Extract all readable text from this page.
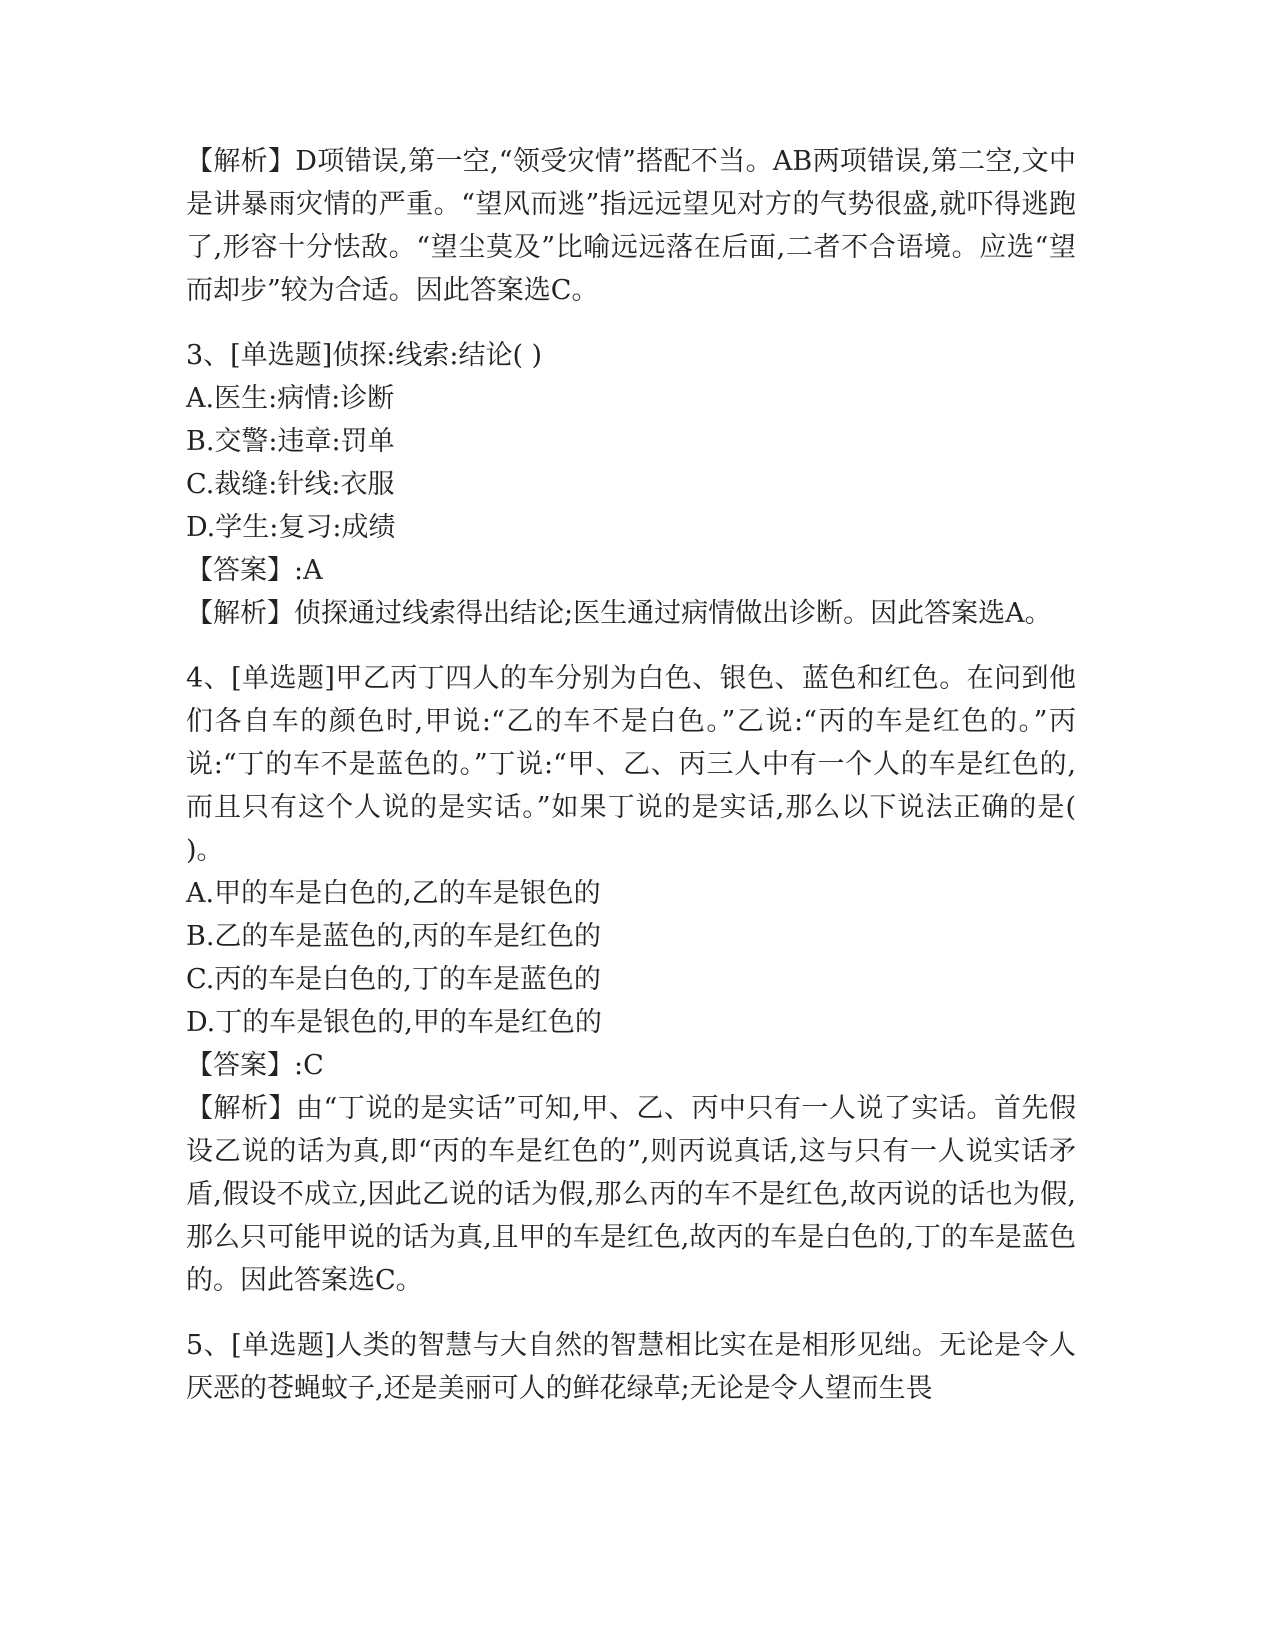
【解析】D项错误,第一空,“领受灾情”搭配不当。AB两项错误,第二空,文中是讲暴雨灾情的严重。“望风而逃”指远远望见对方的气势很盛,就吓得逃跑了,形容十分怯敌。“望尘莫及”比喻远远落在后面,二者不合语境。应选“望而却步”较为合适。因此答案选C。

3、[单选题]侦探:线索:结论( )

A.医生:病情:诊断

B.交警:违章:罚单

C.裁缝:针线:衣服

D.学生:复习:成绩

【答案】:A

【解析】侦探通过线索得出结论;医生通过病情做出诊断。因此答案选A。

4、[单选题]甲乙丙丁四人的车分别为白色、银色、蓝色和红色。在问到他们各自车的颜色时,甲说:“乙的车不是白色。”乙说:“丙的车是红色的。”丙说:“丁的车不是蓝色的。”丁说:“甲、乙、丙三人中有一个人的车是红色的,而且只有这个人说的是实话。”如果丁说的是实话,那么以下说法正确的是( )。

A.甲的车是白色的,乙的车是银色的

B.乙的车是蓝色的,丙的车是红色的

C.丙的车是白色的,丁的车是蓝色的

D.丁的车是银色的,甲的车是红色的

【答案】:C

【解析】由“丁说的是实话”可知,甲、乙、丙中只有一人说了实话。首先假设乙说的话为真,即“丙的车是红色的”,则丙说真话,这与只有一人说实话矛盾,假设不成立,因此乙说的话为假,那么丙的车不是红色,故丙说的话也为假,那么只可能甲说的话为真,且甲的车是红色,故丙的车是白色的,丁的车是蓝色的。因此答案选C。

5、[单选题]人类的智慧与大自然的智慧相比实在是相形见绌。无论是令人厌恶的苍蝇蚊子,还是美丽可人的鲜花绿草;无论是令人望而生畏
